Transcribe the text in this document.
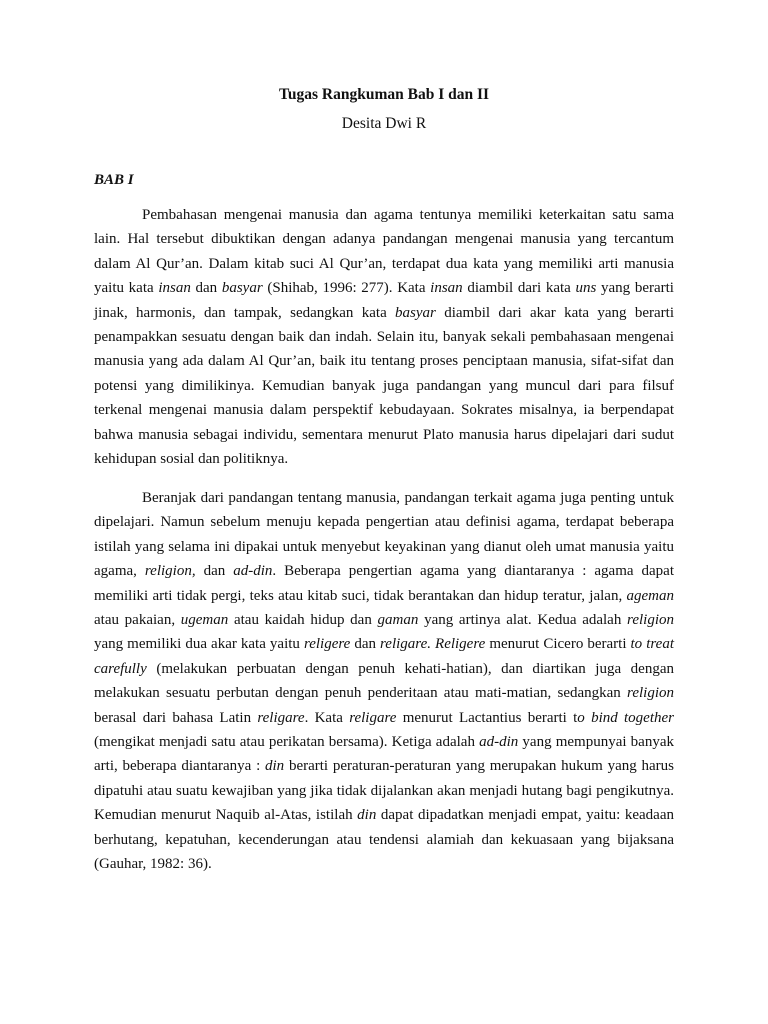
Tugas Rangkuman Bab I dan II

Desita Dwi R

BAB I

Pembahasan mengenai manusia dan agama tentunya memiliki keterkaitan satu sama lain. Hal tersebut dibuktikan dengan adanya pandangan mengenai manusia yang tercantum dalam Al Qur’an. Dalam kitab suci Al Qur’an, terdapat dua kata yang memiliki arti manusia yaitu kata insan dan basyar (Shihab, 1996: 277). Kata insan diambil dari kata uns yang berarti jinak, harmonis, dan tampak, sedangkan kata basyar diambil dari akar kata yang berarti penampakkan sesuatu dengan baik dan indah. Selain itu, banyak sekali pembahasaan mengenai manusia yang ada dalam Al Qur’an, baik itu tentang proses penciptaan manusia, sifat-sifat dan potensi yang dimilikinya. Kemudian banyak juga pandangan yang muncul dari para filsuf terkenal mengenai manusia dalam perspektif kebudayaan. Sokrates misalnya, ia berpendapat bahwa manusia sebagai individu, sementara menurut Plato manusia harus dipelajari dari sudut kehidupan sosial dan politiknya.

Beranjak dari pandangan tentang manusia, pandangan terkait agama juga penting untuk dipelajari. Namun sebelum menuju kepada pengertian atau definisi agama, terdapat beberapa istilah yang selama ini dipakai untuk menyebut keyakinan yang dianut oleh umat manusia yaitu agama, religion, dan ad-din. Beberapa pengertian agama yang diantaranya : agama dapat memiliki arti tidak pergi, teks atau kitab suci, tidak berantakan dan hidup teratur, jalan, ageman atau pakaian, ugeman atau kaidah hidup dan gaman yang artinya alat. Kedua adalah religion yang memiliki dua akar kata yaitu religere dan religare. Religere menurut Cicero berarti to treat carefully (melakukan perbuatan dengan penuh kehati-hatian), dan diartikan juga dengan melakukan sesuatu perbutan dengan penuh penderitaan atau mati-matian, sedangkan religion berasal dari bahasa Latin religare. Kata religare menurut Lactantius berarti to bind together (mengikat menjadi satu atau perikatan bersama). Ketiga adalah ad-din yang mempunyai banyak arti, beberapa diantaranya : din berarti peraturan-peraturan yang merupakan hukum yang harus dipatuhi atau suatu kewajiban yang jika tidak dijalankan akan menjadi hutang bagi pengikutnya. Kemudian menurut Naquib al-Atas, istilah din dapat dipadatkan menjadi empat, yaitu: keadaan berhutang, kepatuhan, kecenderungan atau tendensi alamiah dan kekuasaan yang bijaksana (Gauhar, 1982: 36).
